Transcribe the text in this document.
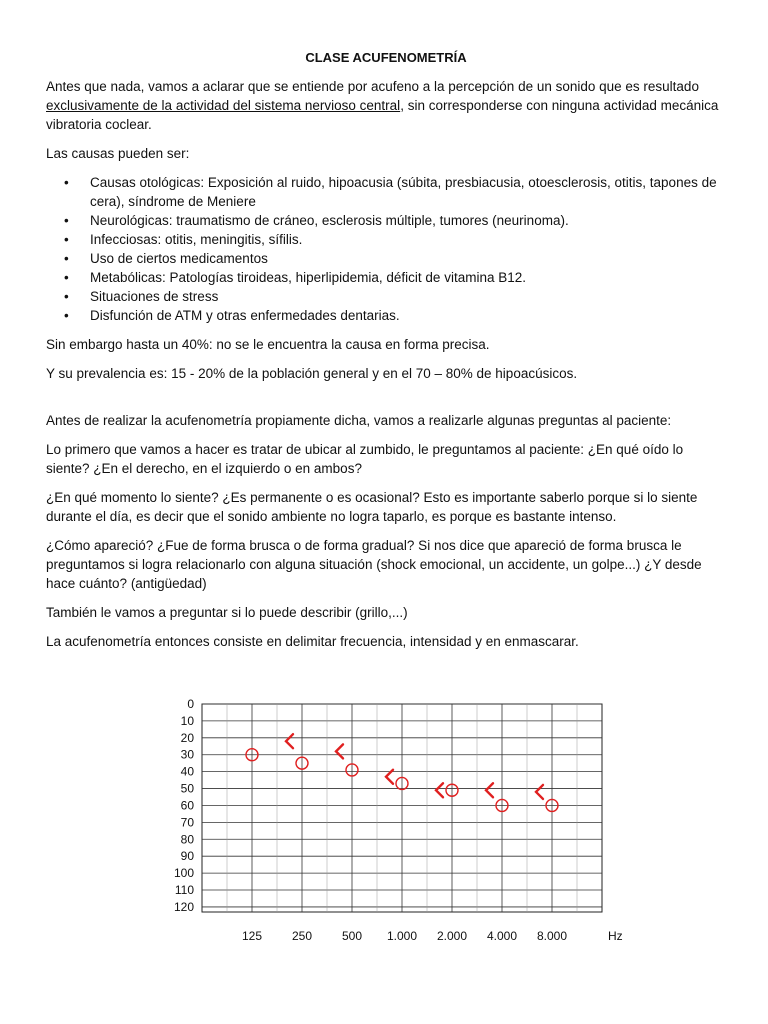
CLASE ACUFENOMETRÍA

Antes que nada, vamos a aclarar que se entiende por acufeno a la percepción de un sonido que es resultado exclusivamente de la actividad del sistema nervioso central, sin corresponderse con ninguna actividad mecánica vibratoria coclear.

Las causas pueden ser:

• Causas otológicas: Exposición al ruido, hipoacusia (súbita, presbiacusia, otoesclerosis, otitis, tapones de cera), síndrome de Meniere
• Neurológicas: traumatismo de cráneo, esclerosis múltiple, tumores (neurinoma).
• Infecciosas: otitis, meningitis, sífilis.
• Uso de ciertos medicamentos
• Metabólicas: Patologías tiroideas, hiperlipidemia, déficit de vitamina B12.
• Situaciones de stress
• Disfunción de ATM y otras enfermedades dentarias.

Sin embargo hasta un 40%: no se le encuentra la causa en forma precisa.

Y su prevalencia es: 15 - 20% de la población general y en el 70 – 80% de hipoacúsicos.

Antes de realizar la acufenometría propiamente dicha, vamos a realizarle algunas preguntas al paciente:

Lo primero que vamos a hacer es tratar de ubicar al zumbido, le preguntamos al paciente: ¿En qué oído lo siente? ¿En el derecho, en el izquierdo o en ambos?

¿En qué momento lo siente? ¿Es permanente o es ocasional? Esto es importante saberlo porque si lo siente durante el día, es decir que el sonido ambiente no logra taparlo, es porque es bastante intenso.

¿Cómo apareció? ¿Fue de forma brusca o de forma gradual? Si nos dice que apareció de forma brusca le preguntamos si logra relacionarlo con alguna situación (shock emocional, un accidente, un golpe...) ¿Y desde hace cuánto? (antigüedad)

También le vamos a preguntar si lo puede describir (grillo,...)

La acufenometría entonces consiste en delimitar frecuencia, intensidad y en enmascarar.

0
10
20
30
40
50
60
70
80
90
100
110
120
125 250 500 1.000 2.000 4.000 8.000	Hz
